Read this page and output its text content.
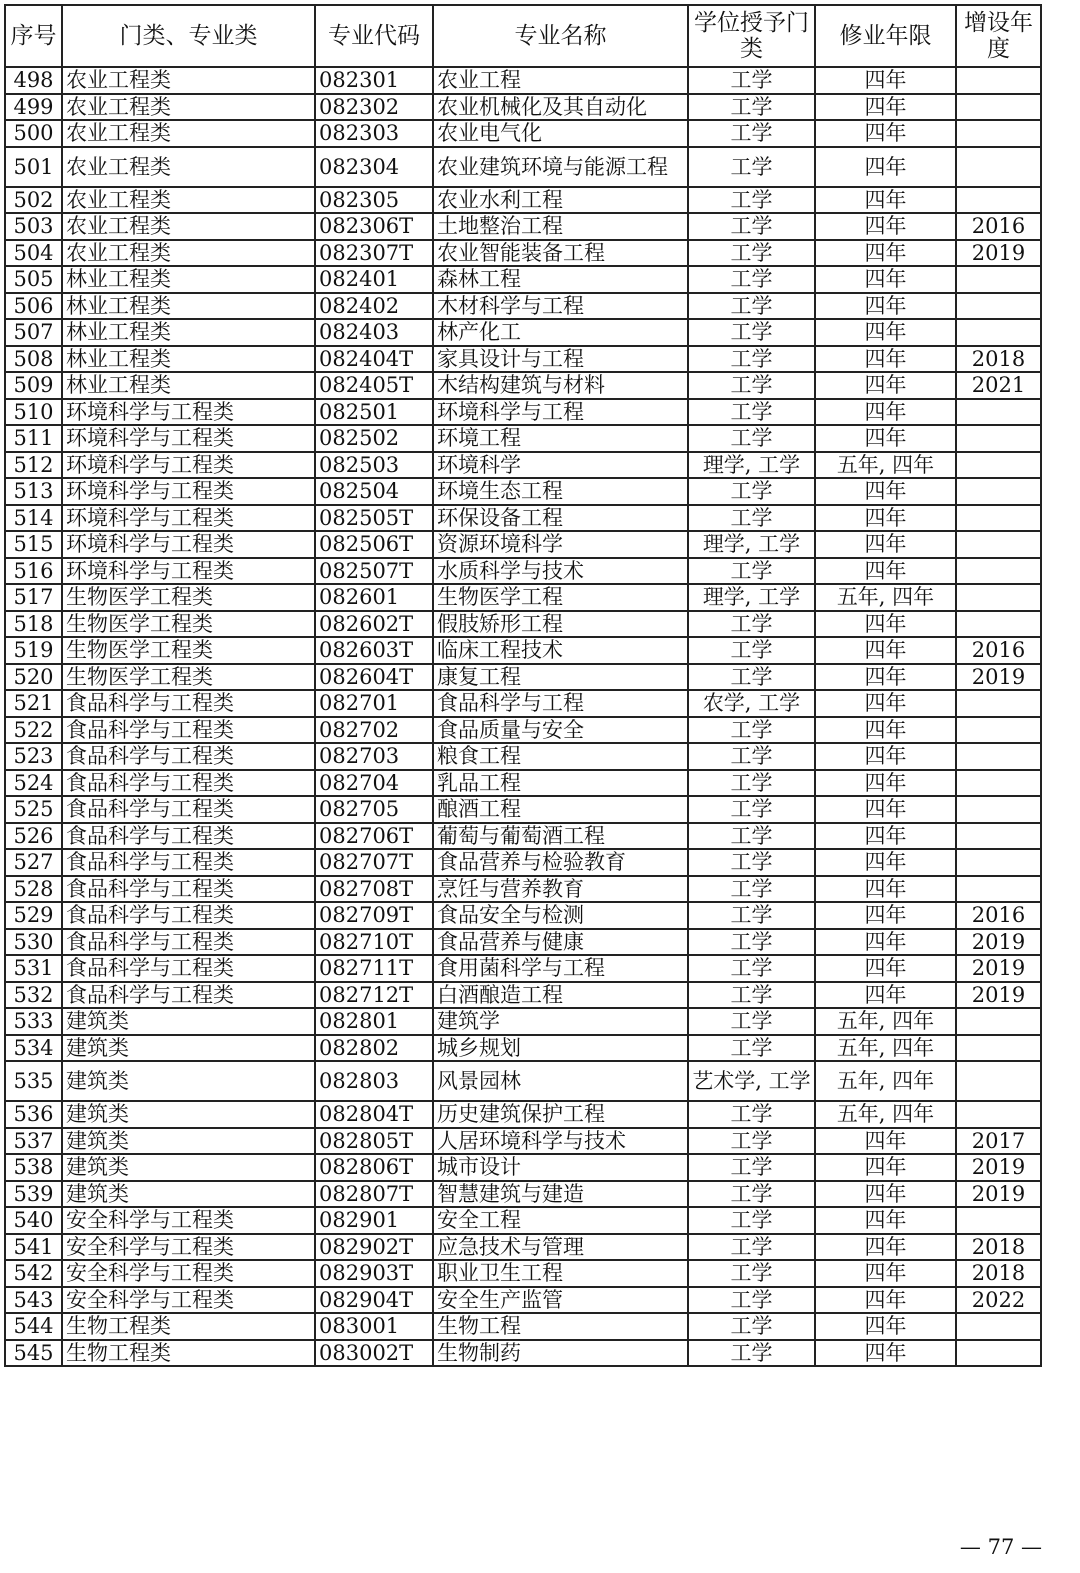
序号	门类、专业类	专业代码	专业名称	学位授予门类	修业年限	增设年度
498	农业工程类	082301	农业工程	工学	四年	
499	农业工程类	082302	农业机械化及其自动化	工学	四年	
500	农业工程类	082303	农业电气化	工学	四年	
501	农业工程类	082304	农业建筑环境与能源工程	工学	四年	
502	农业工程类	082305	农业水利工程	工学	四年	
503	农业工程类	082306T	土地整治工程	工学	四年	2016
504	农业工程类	082307T	农业智能装备工程	工学	四年	2019
505	林业工程类	082401	森林工程	工学	四年	
506	林业工程类	082402	木材科学与工程	工学	四年	
507	林业工程类	082403	林产化工	工学	四年	
508	林业工程类	082404T	家具设计与工程	工学	四年	2018
509	林业工程类	082405T	木结构建筑与材料	工学	四年	2021
510	环境科学与工程类	082501	环境科学与工程	工学	四年	
511	环境科学与工程类	082502	环境工程	工学	四年	
512	环境科学与工程类	082503	环境科学	理学, 工学	五年, 四年	
513	环境科学与工程类	082504	环境生态工程	工学	四年	
514	环境科学与工程类	082505T	环保设备工程	工学	四年	
515	环境科学与工程类	082506T	资源环境科学	理学, 工学	四年	
516	环境科学与工程类	082507T	水质科学与技术	工学	四年	
517	生物医学工程类	082601	生物医学工程	理学, 工学	五年, 四年	
518	生物医学工程类	082602T	假肢矫形工程	工学	四年	
519	生物医学工程类	082603T	临床工程技术	工学	四年	2016
520	生物医学工程类	082604T	康复工程	工学	四年	2019
521	食品科学与工程类	082701	食品科学与工程	农学, 工学	四年	
522	食品科学与工程类	082702	食品质量与安全	工学	四年	
523	食品科学与工程类	082703	粮食工程	工学	四年	
524	食品科学与工程类	082704	乳品工程	工学	四年	
525	食品科学与工程类	082705	酿酒工程	工学	四年	
526	食品科学与工程类	082706T	葡萄与葡萄酒工程	工学	四年	
527	食品科学与工程类	082707T	食品营养与检验教育	工学	四年	
528	食品科学与工程类	082708T	烹饪与营养教育	工学	四年	
529	食品科学与工程类	082709T	食品安全与检测	工学	四年	2016
530	食品科学与工程类	082710T	食品营养与健康	工学	四年	2019
531	食品科学与工程类	082711T	食用菌科学与工程	工学	四年	2019
532	食品科学与工程类	082712T	白酒酿造工程	工学	四年	2019
533	建筑类	082801	建筑学	工学	五年, 四年	
534	建筑类	082802	城乡规划	工学	五年, 四年	
535	建筑类	082803	风景园林	艺术学, 工学	五年, 四年	
536	建筑类	082804T	历史建筑保护工程	工学	五年, 四年	
537	建筑类	082805T	人居环境科学与技术	工学	四年	2017
538	建筑类	082806T	城市设计	工学	四年	2019
539	建筑类	082807T	智慧建筑与建造	工学	四年	2019
540	安全科学与工程类	082901	安全工程	工学	四年	
541	安全科学与工程类	082902T	应急技术与管理	工学	四年	2018
542	安全科学与工程类	082903T	职业卫生工程	工学	四年	2018
543	安全科学与工程类	082904T	安全生产监管	工学	四年	2022
544	生物工程类	083001	生物工程	工学	四年	
545	生物工程类	083002T	生物制药	工学	四年	
— 77 —
